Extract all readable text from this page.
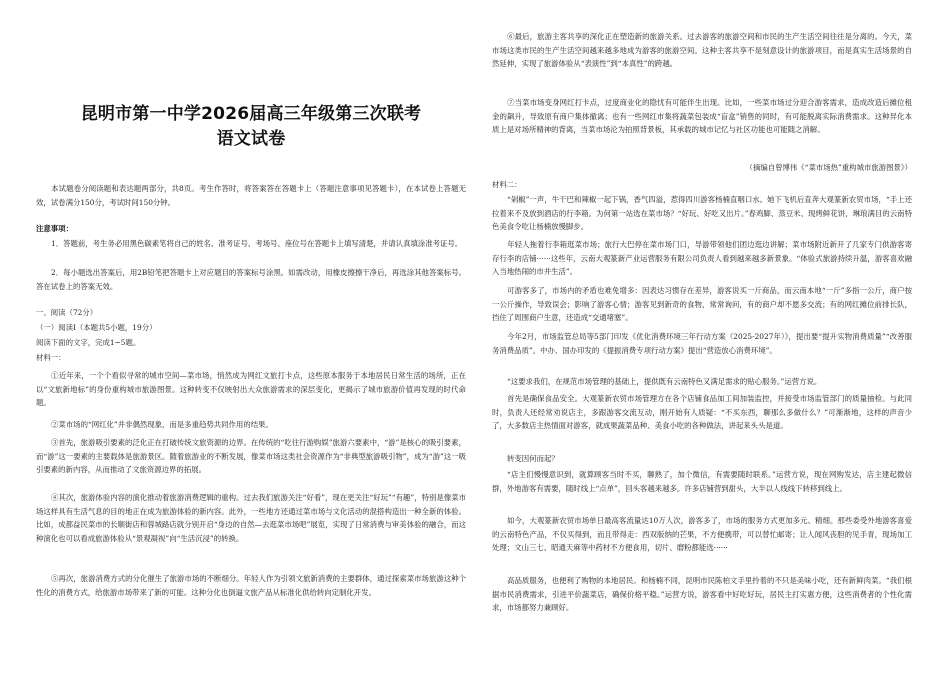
昆明市第一中学2026届高三年级第三次联考
语文试卷

本试题卷分阅读题和表达题两部分，共8页。考生作答时，将答案答在答题卡上（答题注意事项见答题卡），在本试卷上答题无效，试卷满分150分，考试时间150分钟。

注意事项：

1．答题前，考生务必用黑色碳素笔将自己的姓名、准考证号、考场号、座位号在答题卡上填写清楚，并请认真填涂准考证号。

2．每小题选出答案后，用2B铅笔把答题卡上对应题目的答案标号涂黑。如需改动，用橡皮擦擦干净后，再选涂其他答案标号。答在试卷上的答案无效。

一、阅读（72分）

（一）阅读Ⅰ（本题共5小题，19分）

阅读下面的文字，完成1~5题。

材料一：

①近年来，一个个看似寻常的城市空间—菜市场，悄然成为网红文旅打卡点，这些原本服务于本地居民日常生活的场所，正在以“文旅新地标”的身份重构城市旅游图景。这种转变不仅映射出大众旅游需求的深层变化，更揭示了城市旅游价值再发现的时代命题。

②菜市场的“网红化”并非偶然现象，而是多重趋势共同作用的结果。

③首先，旅游吸引要素的泛化正在打破传统文旅资源的边界。在传统的“吃住行游购娱”旅游六要素中，“游”是核心的吸引要素，而“游”这一要素的主要载体是旅游景区。随着旅游业的不断发展，像菜市场这类社会资源作为“非典型旅游吸引物”，成为“游”这一吸引要素的新内容，从而推动了文旅资源边界的拓展。

④其次，旅游体验内容的演化推动着旅游消费逻辑的重构。过去我们旅游关注“好看”，现在更关注“好玩”“有趣”，特别是像菜市场这样具有生活气息的目的地正在成为旅游体验的新内容。此外，一些地方还通过菜市场与文化活动的混搭构造出一种全新的体验。比如，成都益民菜市的长顺街店和蓉城路店就分别开启“身边的自然—去逛菜市场吧”展览，实现了日常消费与审美体验的融合，而这种演化也可以看成旅游体验从“景观凝视”向“生活沉浸”的转换。

⑤再次，旅游消费方式的分化催生了旅游市场的不断细分。年轻人作为引领文旅新消费的主要群体，通过探索菜市场旅游这种个性化的消费方式，给旅游市场带来了新的可能。这种分化也倒逼文旅产品从标准化供给转向定制化开发。

⑥最后，旅游主客共享的深化正在塑造新的旅游关系。过去游客的旅游空间和市民的生产生活空间往往是分离的。今天，菜市场这类市民的生产生活空间越来越多地成为游客的旅游空间。这种主客共享不是刻意设计的旅游项目，而是真实生活场景的自然延伸，实现了旅游体验从“表演性”到“本真性”的跨越。

⑦当菜市场变身网红打卡点，过度商业化的隐忧有可能伴生出现。比如，一些菜市场过分迎合游客需求，造成改造后摊位租金的飙升，导致原有商户集体撤离；也有一些网红市集将蔬菜包装成“盲盒”销售的同时，有可能脱离实际消费需求。这种异化本质上是对场所精神的背离，当菜市场沦为拍照背景板，其承载的城市记忆与社区功能也可能随之消解。

（摘编自曾博伟《“菜市场热”重构城市旅游图景》）

材料二：

“剁椒”一声，牛干巴和辣椒一起下锅，香气四溢，惹得四川游客杨楠直咽口水。她下飞机后直奔大观篆新农贸市场，“手上还拉着来不及放到酒店的行李箱。为何第一站选在菜市场？“好玩、好吃又出片。”春鸡脚、蒸豆米、现烤鲜花饼，琳琅满目的云南特色美食令吃让杨楠放慢脚步。

年轻人拖着行李箱逛菜市场；旅行大巴停在菜市场门口，导游带领他们团边逛边讲解；菜市场附近新开了几家专门供游客寄存行李的店铺······这些年，云南大观篆新产业运营服务有限公司负责人看到越来越多新景象。“体验式旅游持续升温，游客喜欢融入当地热闹的市井生活”。

可游客多了，市场内的矛盾也难免增多：因表达习惯存在差异，游客说买一斤商品，而云南本地“一斤”多指一公斤，商户按一公斤操作，导致误会；影响了游客心情；游客见到新奇的食物，常常询问，有的商户却不愿多交流；有的网红摊位前排长队，挡住了周围商户生意，还造成“交通堵塞”。

今年2月，市场监管总局等5部门印发《优化消费环境三年行动方案（2025-2027年）》，提出要“提升实物消费质量”“改善服务消费品质”。中办、国办印发的《提振消费专项行动方案》提出“营造放心消费环境”。

“这要求我们，在规范市场管理的基础上，提供既有云南特色又满足需求的贴心服务。”运营方说。

首先是确保食品安全。大观篆新农贸市场管理方在各个店铺食品加工间加装监控，并接受市场监管部门的质量抽检。与此同时，负责人还经常劝说店主，多跟游客交流互动，刚开始有人质疑：“不买东西，聊那么多做什么？”可渐渐地，这样的声音少了，大多数店主热情面对游客，就成果蔬菜品种、美食小吃的各种做法，讲起来头头是道。

转变因何而起？

“店主们慢慢意识到，就算顾客当时不买，聊熟了，加个微信，有需要随时联系。”运营方说，现在网购发达，店主建起微信群，外地游客有需要，随时线上“点单”，回头客越来越多。许多店铺营到甜头，大半以人线线下转移到线上。

如今，大观篆新农贸市场单日最高客流量达10万人次，游客多了，市场的服务方式更加多元、精细。那些委受外地游客喜爱的云南特色产品，不仅买得到，而且带得走：西双版纳的芒果，不方便携带，可以替忙邮寄；让人闻风丧胆的见手青，现场加工处理；文山三七、昭通天麻等中药材不方便食用，切片、磨粉都能选······

高品质服务，也便利了购物的本地居民。和杨楠不同，昆明市民陈柏文手里拎着的不只是美味小吃，还有新鲜肉菜。“我们根据市民消费需求，引进平价蔬菜店，确保价格平稳。”运营方说，游客看中好吃好玩，居民主打实惠方便，这些消费者的个性化需求，市场都努力兼顾好。
